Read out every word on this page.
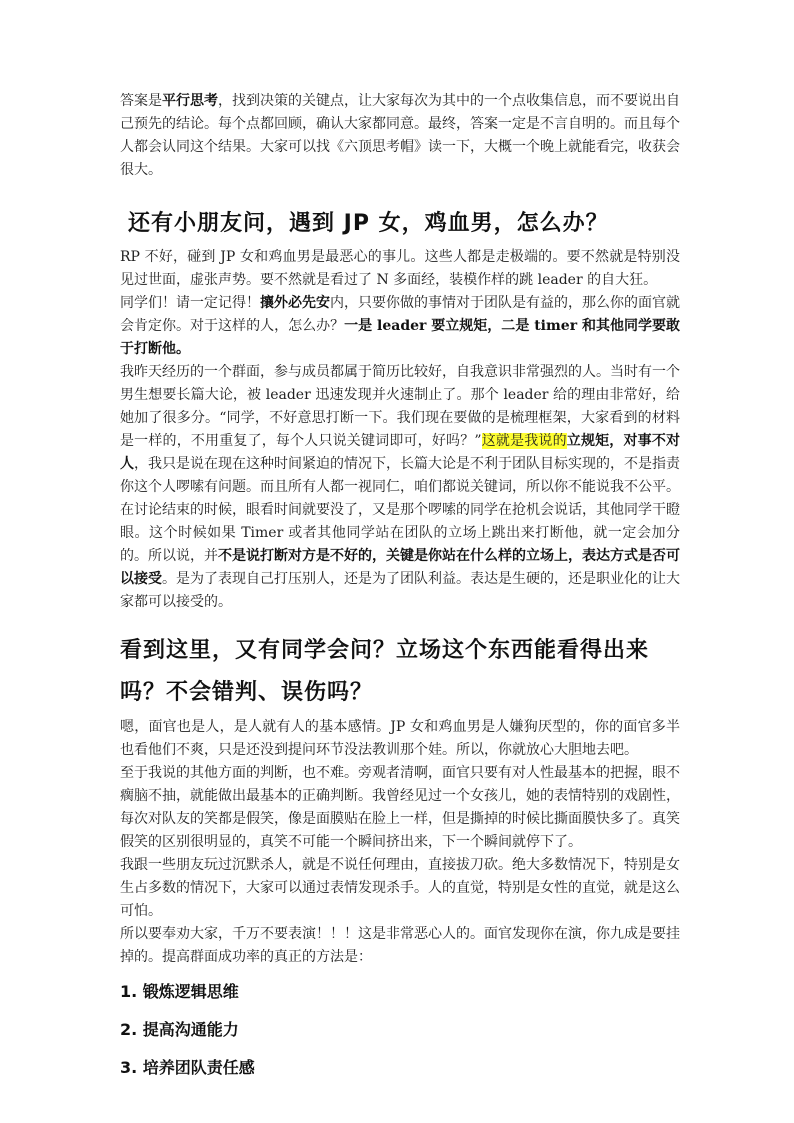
答案是平行思考，找到决策的关键点，让大家每次为其中的一个点收集信息，而不要说出自己预先的结论。每个点都回顾，确认大家都同意。最终，答案一定是不言自明的。而且每个人都会认同这个结果。大家可以找《六顶思考帽》读一下，大概一个晚上就能看完，收获会很大。

还有小朋友问，遇到 JP 女，鸡血男，怎么办？

RP 不好，碰到 JP 女和鸡血男是最恶心的事儿。这些人都是走极端的。要不然就是特别没见过世面，虚张声势。要不然就是看过了 N 多面经，装模作样的跳 leader 的自大狂。

同学们！请一定记得！攘外必先安内，只要你做的事情对于团队是有益的，那么你的面官就会肯定你。对于这样的人，怎么办？一是 leader 要立规矩，二是 timer 和其他同学要敢于打断他。

我昨天经历的一个群面，参与成员都属于简历比较好，自我意识非常强烈的人。当时有一个男生想要长篇大论，被 leader 迅速发现并火速制止了。那个 leader 给的理由非常好，给她加了很多分。“同学，不好意思打断一下。我们现在要做的是梳理框架，大家看到的材料是一样的，不用重复了，每个人只说关键词即可，好吗？”这就是我说的立规矩，对事不对人，我只是说在现在这种时间紧迫的情况下，长篇大论是不利于团队目标实现的，不是指责你这个人啰嗦有问题。而且所有人都一视同仁，咱们都说关键词，所以你不能说我不公平。

在讨论结束的时候，眼看时间就要没了，又是那个啰嗦的同学在抢机会说话，其他同学干瞪眼。这个时候如果 Timer 或者其他同学站在团队的立场上跳出来打断他，就一定会加分的。所以说，并不是说打断对方是不好的，关键是你站在什么样的立场上，表达方式是否可以接受。是为了表现自己打压别人，还是为了团队利益。表达是生硬的，还是职业化的让大家都可以接受的。

看到这里，又有同学会问？立场这个东西能看得出来吗？不会错判、误伤吗？

嗯，面官也是人，是人就有人的基本感情。JP 女和鸡血男是人嫌狗厌型的，你的面官多半也看他们不爽，只是还没到提问环节没法教训那个娃。所以，你就放心大胆地去吧。

至于我说的其他方面的判断，也不难。旁观者清啊，面官只要有对人性最基本的把握，眼不瘸脑不抽，就能做出最基本的正确判断。我曾经见过一个女孩儿，她的表情特别的戏剧性，每次对队友的笑都是假笑，像是面膜贴在脸上一样，但是撕掉的时候比撕面膜快多了。真笑假笑的区别很明显的，真笑不可能一个瞬间挤出来，下一个瞬间就停下了。

我跟一些朋友玩过沉默杀人，就是不说任何理由，直接拔刀砍。绝大多数情况下，特别是女生占多数的情况下，大家可以通过表情发现杀手。人的直觉，特别是女性的直觉，就是这么可怕。

所以要奉劝大家，千万不要表演！！！这是非常恶心人的。面官发现你在演，你九成是要挂掉的。提高群面成功率的真正的方法是：

1. 锻炼逻辑思维
2. 提高沟通能力
3. 培养团队责任感
